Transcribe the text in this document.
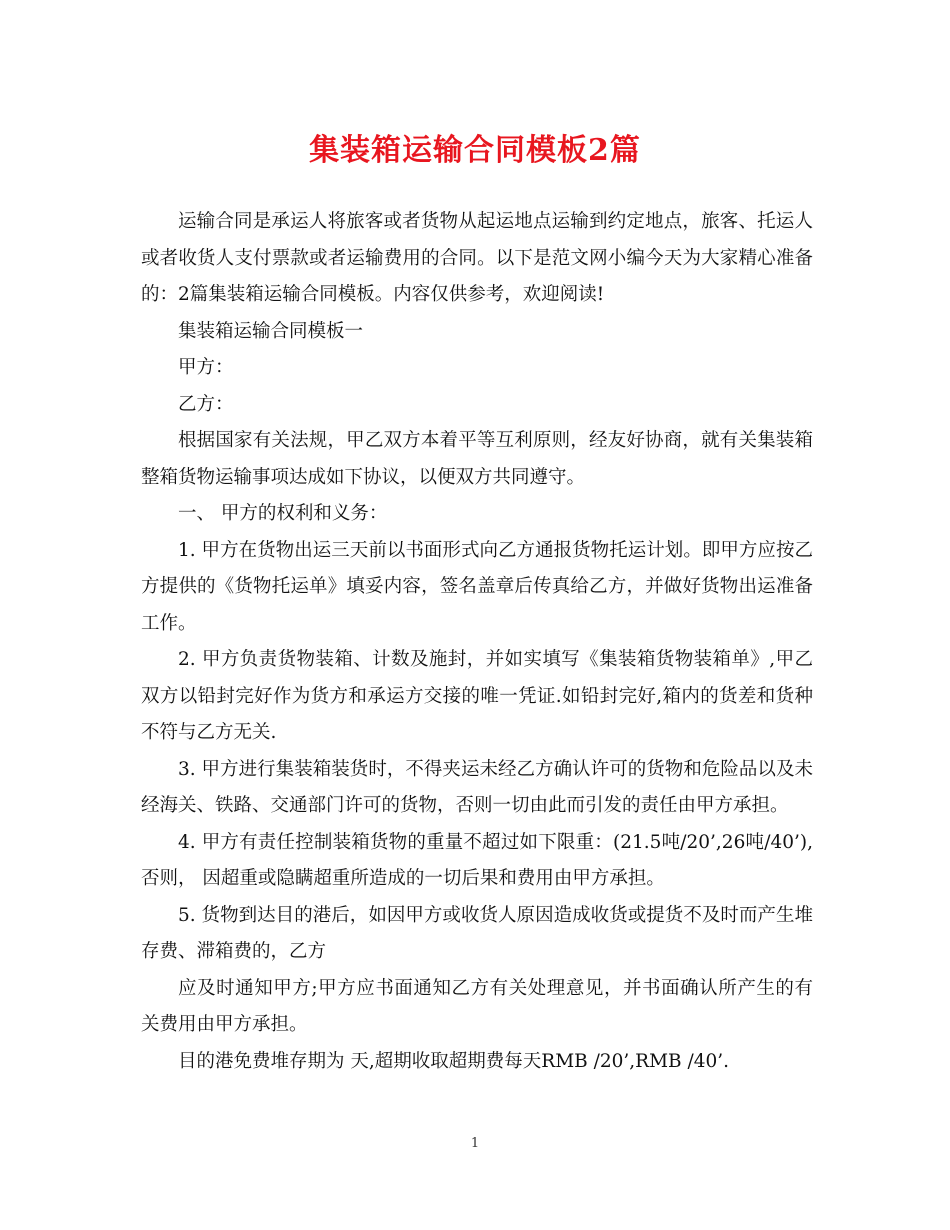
集装箱运输合同模板2篇

运输合同是承运人将旅客或者货物从起运地点运输到约定地点，旅客、托运人或者收货人支付票款或者运输费用的合同。以下是范文网小编今天为大家精心准备的：2篇集装箱运输合同模板。内容仅供参考，欢迎阅读!

集装箱运输合同模板一

甲方：

乙方：

根据国家有关法规，甲乙双方本着平等互利原则，经友好协商，就有关集装箱整箱货物运输事项达成如下协议，以便双方共同遵守。

一、 甲方的权利和义务：

1. 甲方在货物出运三天前以书面形式向乙方通报货物托运计划。即甲方应按乙方提供的《货物托运单》填妥内容，签名盖章后传真给乙方，并做好货物出运准备工作。

2. 甲方负责货物装箱、计数及施封，并如实填写《集装箱货物装箱单》,甲乙双方以铅封完好作为货方和承运方交接的唯一凭证.如铅封完好,箱内的货差和货种不符与乙方无关.

3. 甲方进行集装箱装货时，不得夹运未经乙方确认许可的货物和危险品以及未经海关、铁路、交通部门许可的货物，否则一切由此而引发的责任由甲方承担。

4. 甲方有责任控制装箱货物的重量不超过如下限重：(21.5吨/20’,26吨/40’),否则， 因超重或隐瞒超重所造成的一切后果和费用由甲方承担。

5. 货物到达目的港后，如因甲方或收货人原因造成收货或提货不及时而产生堆存费、滞箱费的，乙方

应及时通知甲方;甲方应书面通知乙方有关处理意见，并书面确认所产生的有关费用由甲方承担。

目的港免费堆存期为 天,超期收取超期费每天RMB /20’,RMB /40’.

1
